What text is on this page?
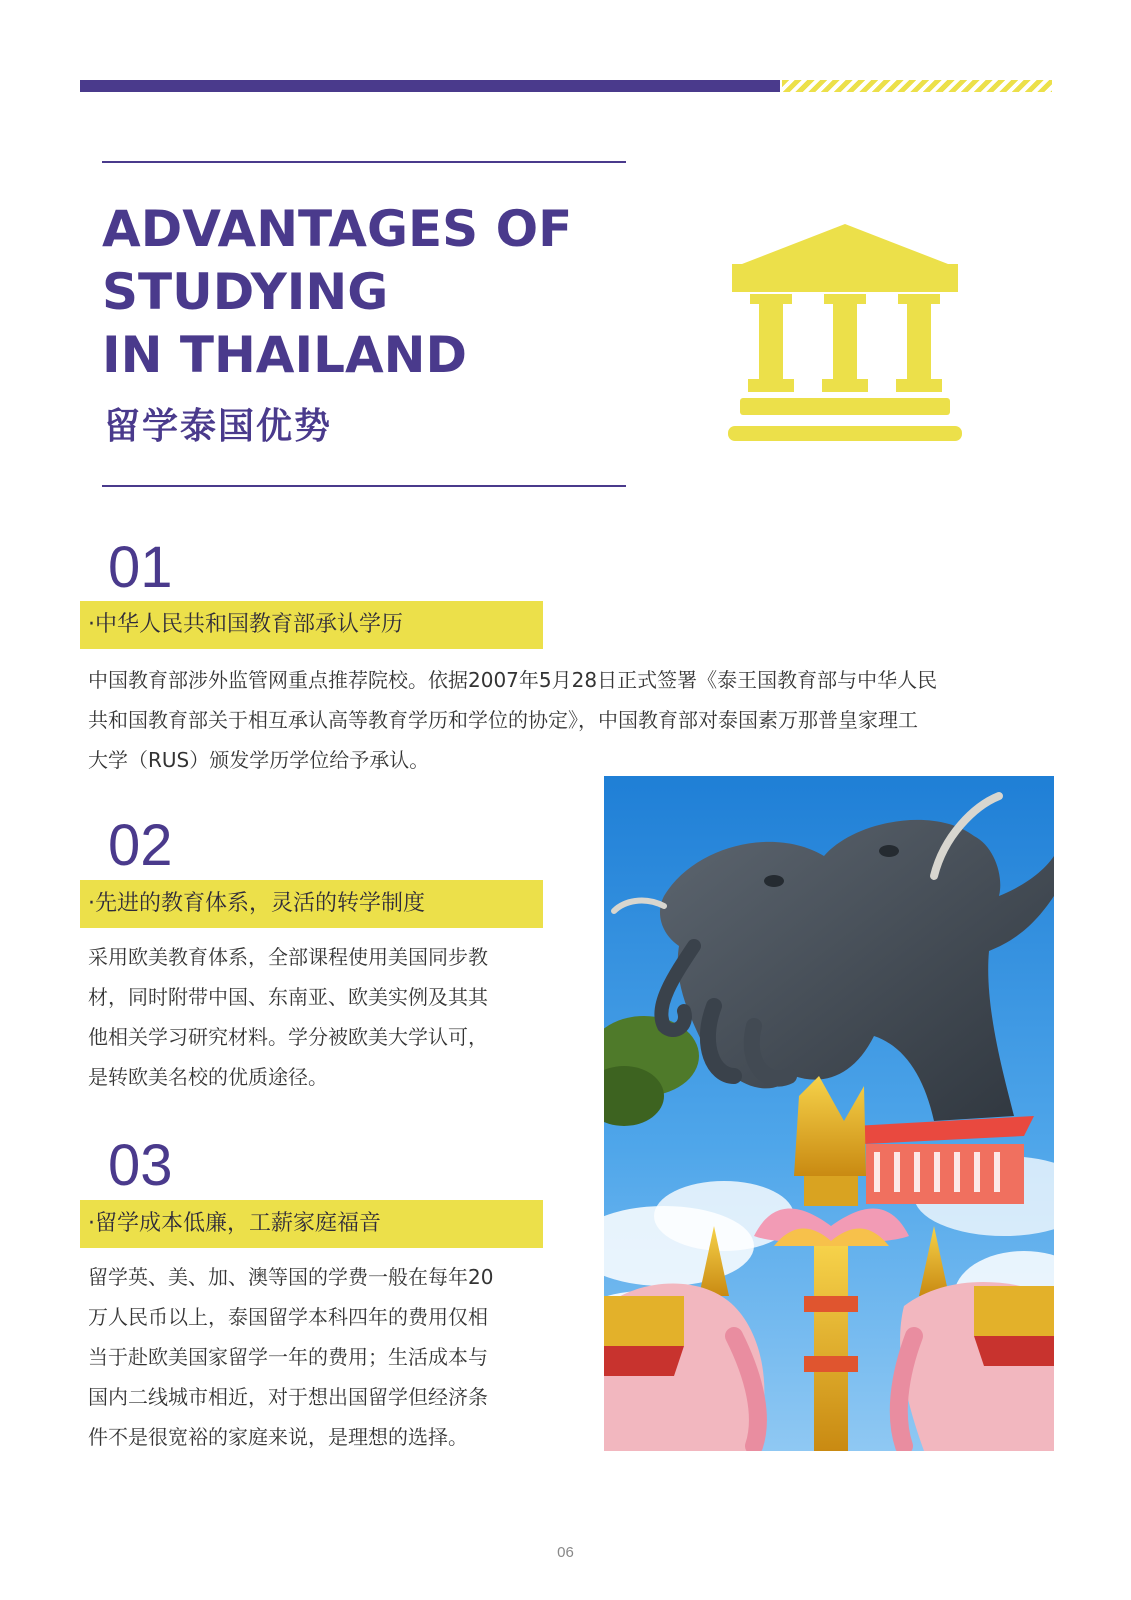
ADVANTAGES OF
STUDYING
IN THAILAND
留学泰国优势
01
·中华人民共和国教育部承认学历
中国教育部涉外监管网重点推荐院校。依据2007年5月28日正式签署《泰王国教育部与中华人民
共和国教育部关于相互承认高等教育学历和学位的协定》，中国教育部对泰国素万那普皇家理工
大学（RUS）颁发学历学位给予承认。
02
·先进的教育体系，灵活的转学制度
采用欧美教育体系，全部课程使用美国同步教
材，同时附带中国、东南亚、欧美实例及其其
他相关学习研究材料。学分被欧美大学认可，
是转欧美名校的优质途径。
03
·留学成本低廉，工薪家庭福音
留学英、美、加、澳等国的学费一般在每年20
万人民币以上，泰国留学本科四年的费用仅相
当于赴欧美国家留学一年的费用；生活成本与
国内二线城市相近，对于想出国留学但经济条
件不是很宽裕的家庭来说，是理想的选择。
06
